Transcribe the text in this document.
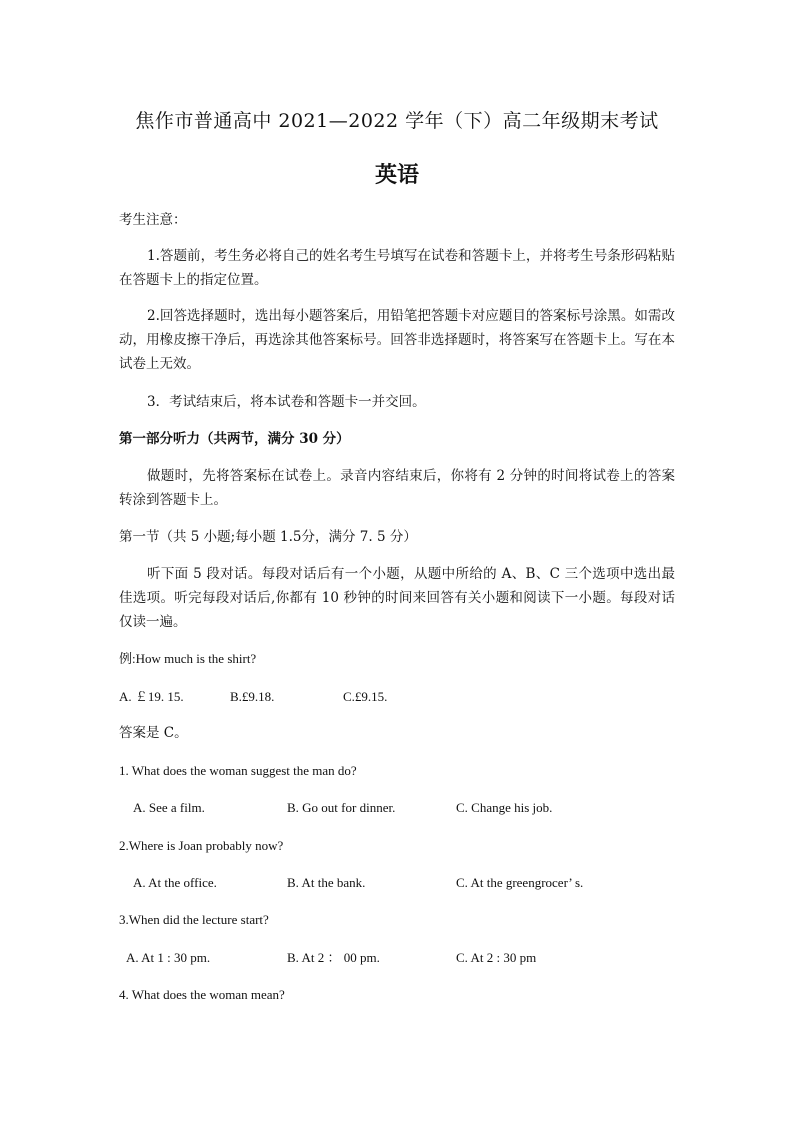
焦作市普通高中 2021—2022 学年（下）高二年级期末考试
英语
考生注意：
1.答题前，考生务必将自己的姓名考生号填写在试卷和答题卡上，并将考生号条形码粘贴在答题卡上的指定位置。
2.回答选择题时，选出每小题答案后，用铅笔把答题卡对应题目的答案标号涂黑。如需改动，用橡皮擦干净后，再选涂其他答案标号。回答非选择题时，将答案写在答题卡上。写在本试卷上无效。
3．考试结束后，将本试卷和答题卡一并交回。
第一部分听力（共两节，满分 30 分）
做题时，先将答案标在试卷上。录音内容结束后，你将有 2 分钟的时间将试卷上的答案转涂到答题卡上。
第一节（共 5 小题;每小题 1.5分，满分 7. 5 分）
听下面 5 段对话。每段对话后有一个小题，从题中所给的 A、B、C 三个选项中选出最佳选项。听完每段对话后,你都有 10 秒钟的时间来回答有关小题和阅读下一小题。每段对话仅读一遍。
例:How much is the shirt?
A. ￡19. 15.	B.£9.18.	C.£9.15.
答案是 C。
1. What does the woman suggest the man do?
A. See a film.	B. Go out for dinner.	C. Change his job.
2.Where is Joan probably now?
A. At the office.	B. At the bank.	C. At the greengrocer’ s.
3.When did the lecture start?
A. At 1 : 30 pm.	B. At 2 ： 00 pm.	C. At 2 : 30 pm
4. What does the woman mean?
